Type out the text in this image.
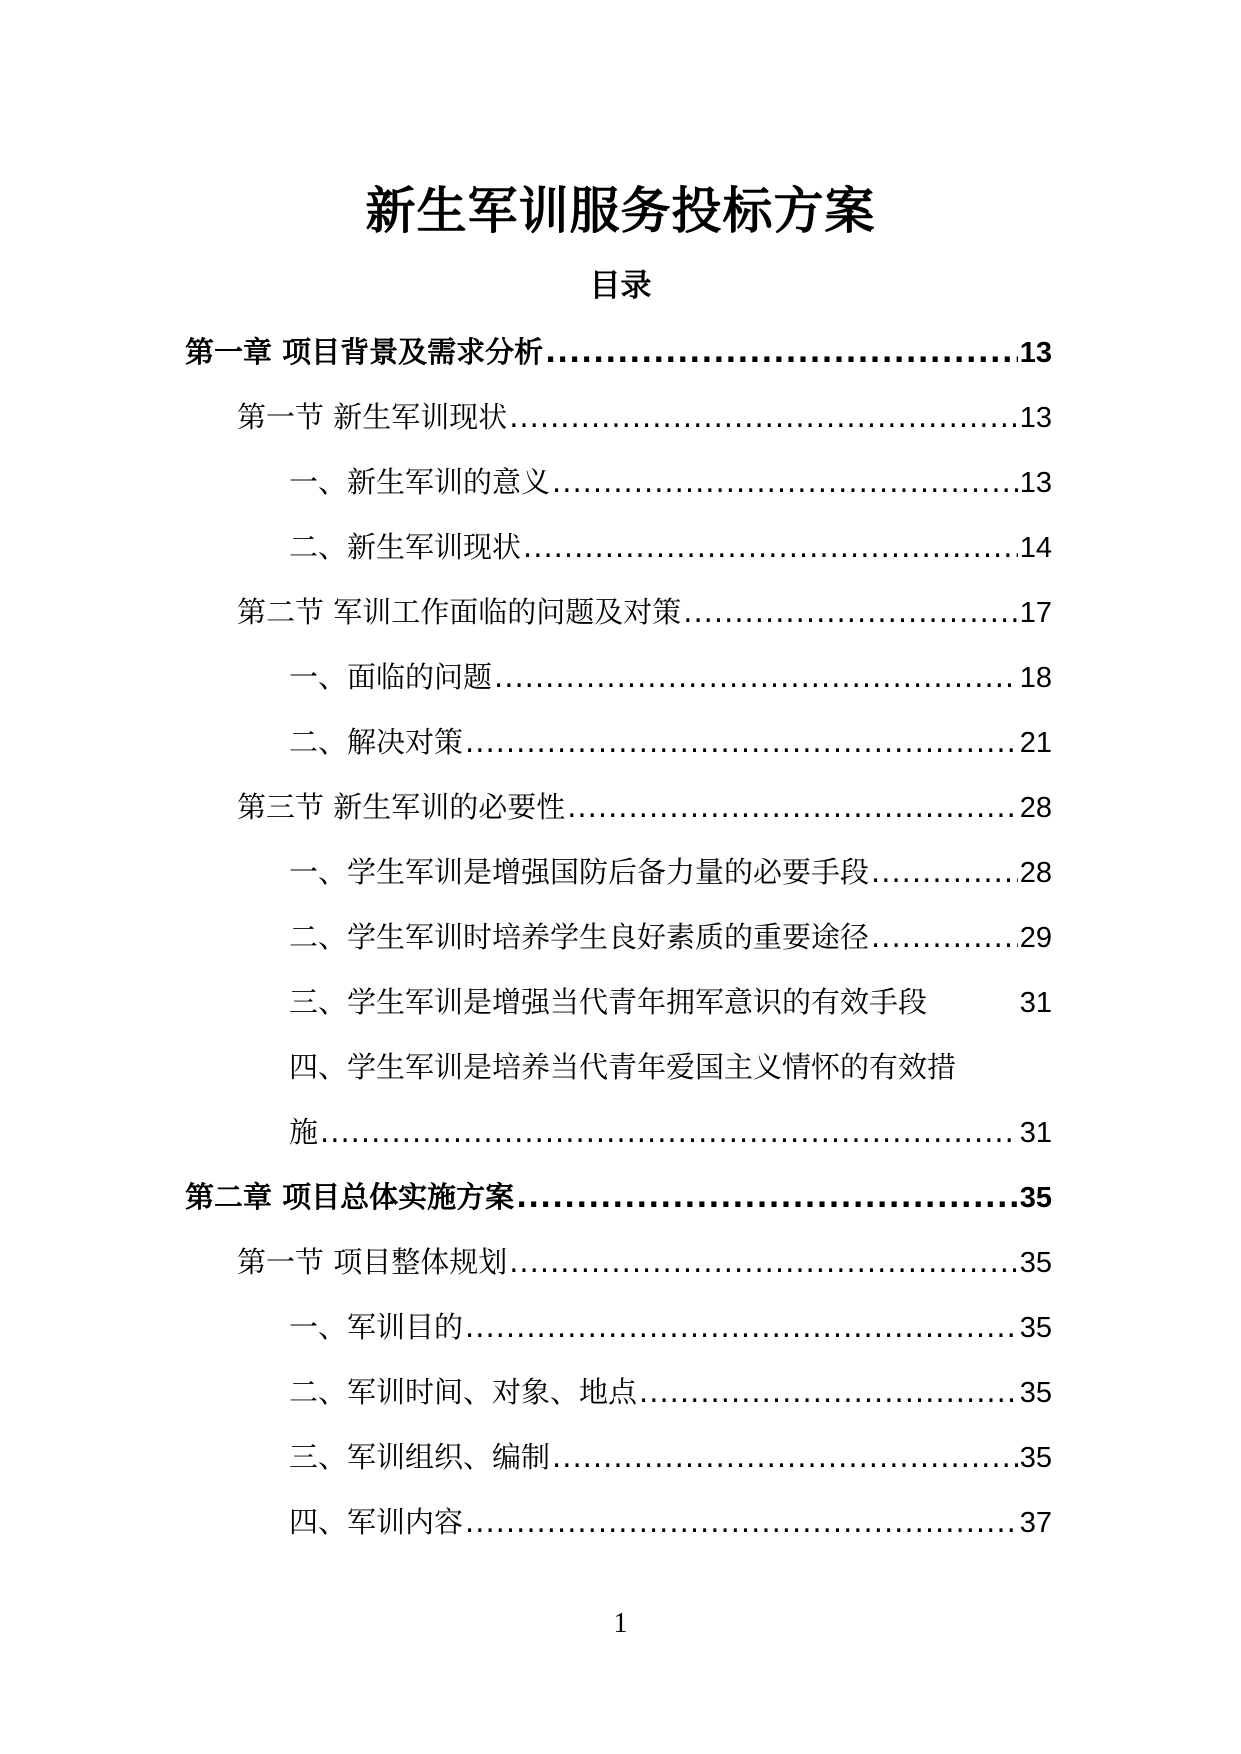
新生军训服务投标方案
目录
第一章 项目背景及需求分析 .....	13
第一节 新生军训现状 .....	13
一、新生军训的意义 .....	13
二、新生军训现状 .....	14
第二节 军训工作面临的问题及对策 .....	17
一、面临的问题 .....	18
二、解决对策 .....	21
第三节 新生军训的必要性 .....	28
一、学生军训是增强国防后备力量的必要手段 .....	28
二、学生军训时培养学生良好素质的重要途径 .....	29
三、学生军训是增强当代青年拥军意识的有效手段	31
四、学生军训是培养当代青年爱国主义情怀的有效措
施 .....	31
第二章 项目总体实施方案 .....	35
第一节 项目整体规划 .....	35
一、军训目的 .....	35
二、军训时间、对象、地点 .....	35
三、军训组织、编制 .....	35
四、军训内容 .....	37
1
